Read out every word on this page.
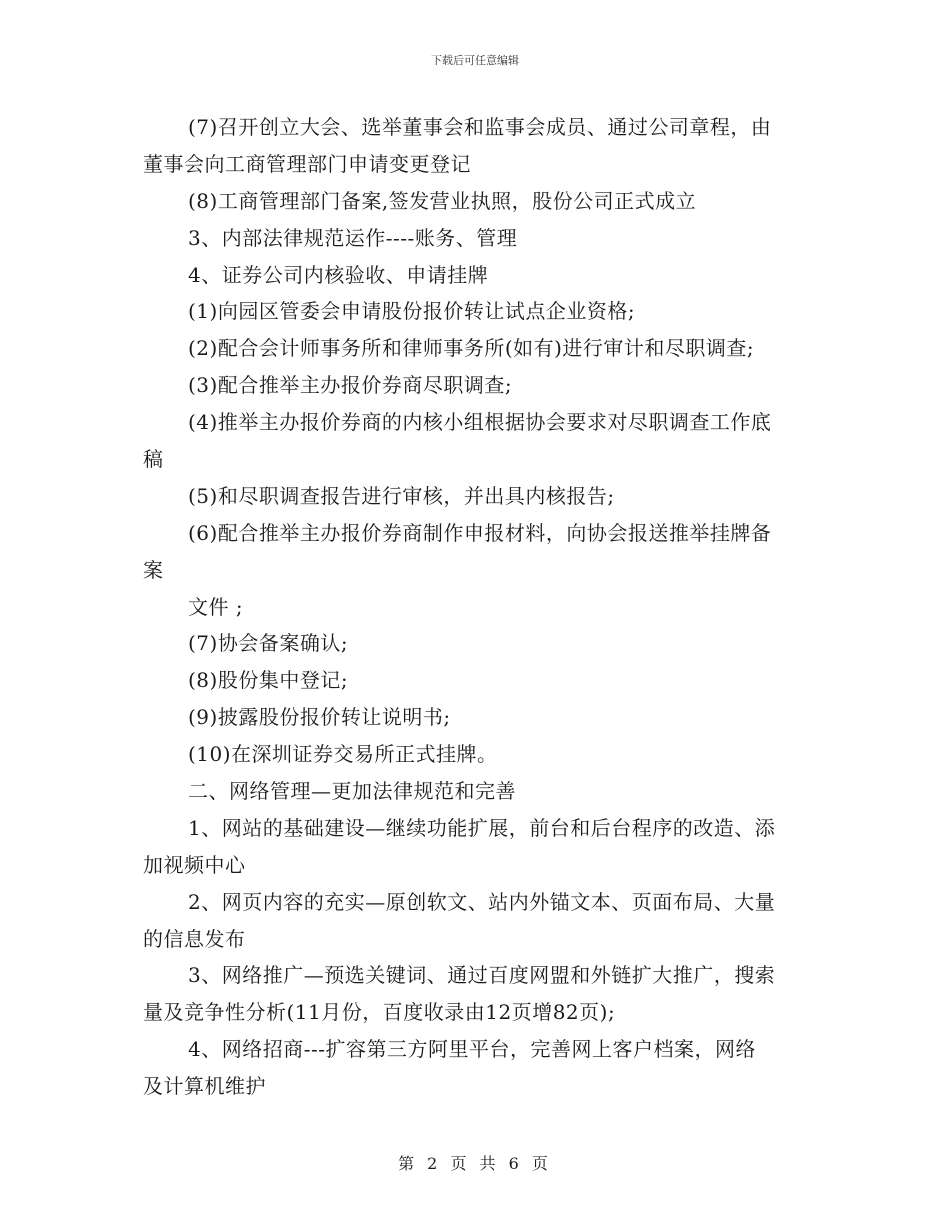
下载后可任意编辑
(7)召开创立大会、选举董事会和监事会成员、通过公司章程，由
董事会向工商管理部门申请变更登记
(8)工商管理部门备案,签发营业执照，股份公司正式成立
3、内部法律规范运作----账务、管理
4、证券公司内核验收、申请挂牌
(1)向园区管委会申请股份报价转让试点企业资格;
(2)配合会计师事务所和律师事务所(如有)进行审计和尽职调查;
(3)配合推举主办报价券商尽职调查;
(4)推举主办报价券商的内核小组根据协会要求对尽职调查工作底
稿
(5)和尽职调查报告进行审核，并出具内核报告;
(6)配合推举主办报价券商制作申报材料，向协会报送推举挂牌备
案
文件 ;
(7)协会备案确认;
(8)股份集中登记;
(9)披露股份报价转让说明书;
(10)在深圳证券交易所正式挂牌。
二、网络管理—更加法律规范和完善
1、网站的基础建设—继续功能扩展，前台和后台程序的改造、添
加视频中心
2、网页内容的充实—原创软文、站内外锚文本、页面布局、大量
的信息发布
3、网络推广—预选关键词、通过百度网盟和外链扩大推广，搜索
量及竞争性分析(11月份，百度收录由12页增82页);
4、网络招商---扩容第三方阿里平台，完善网上客户档案，网络
及计算机维护
第 2 页 共 6 页
